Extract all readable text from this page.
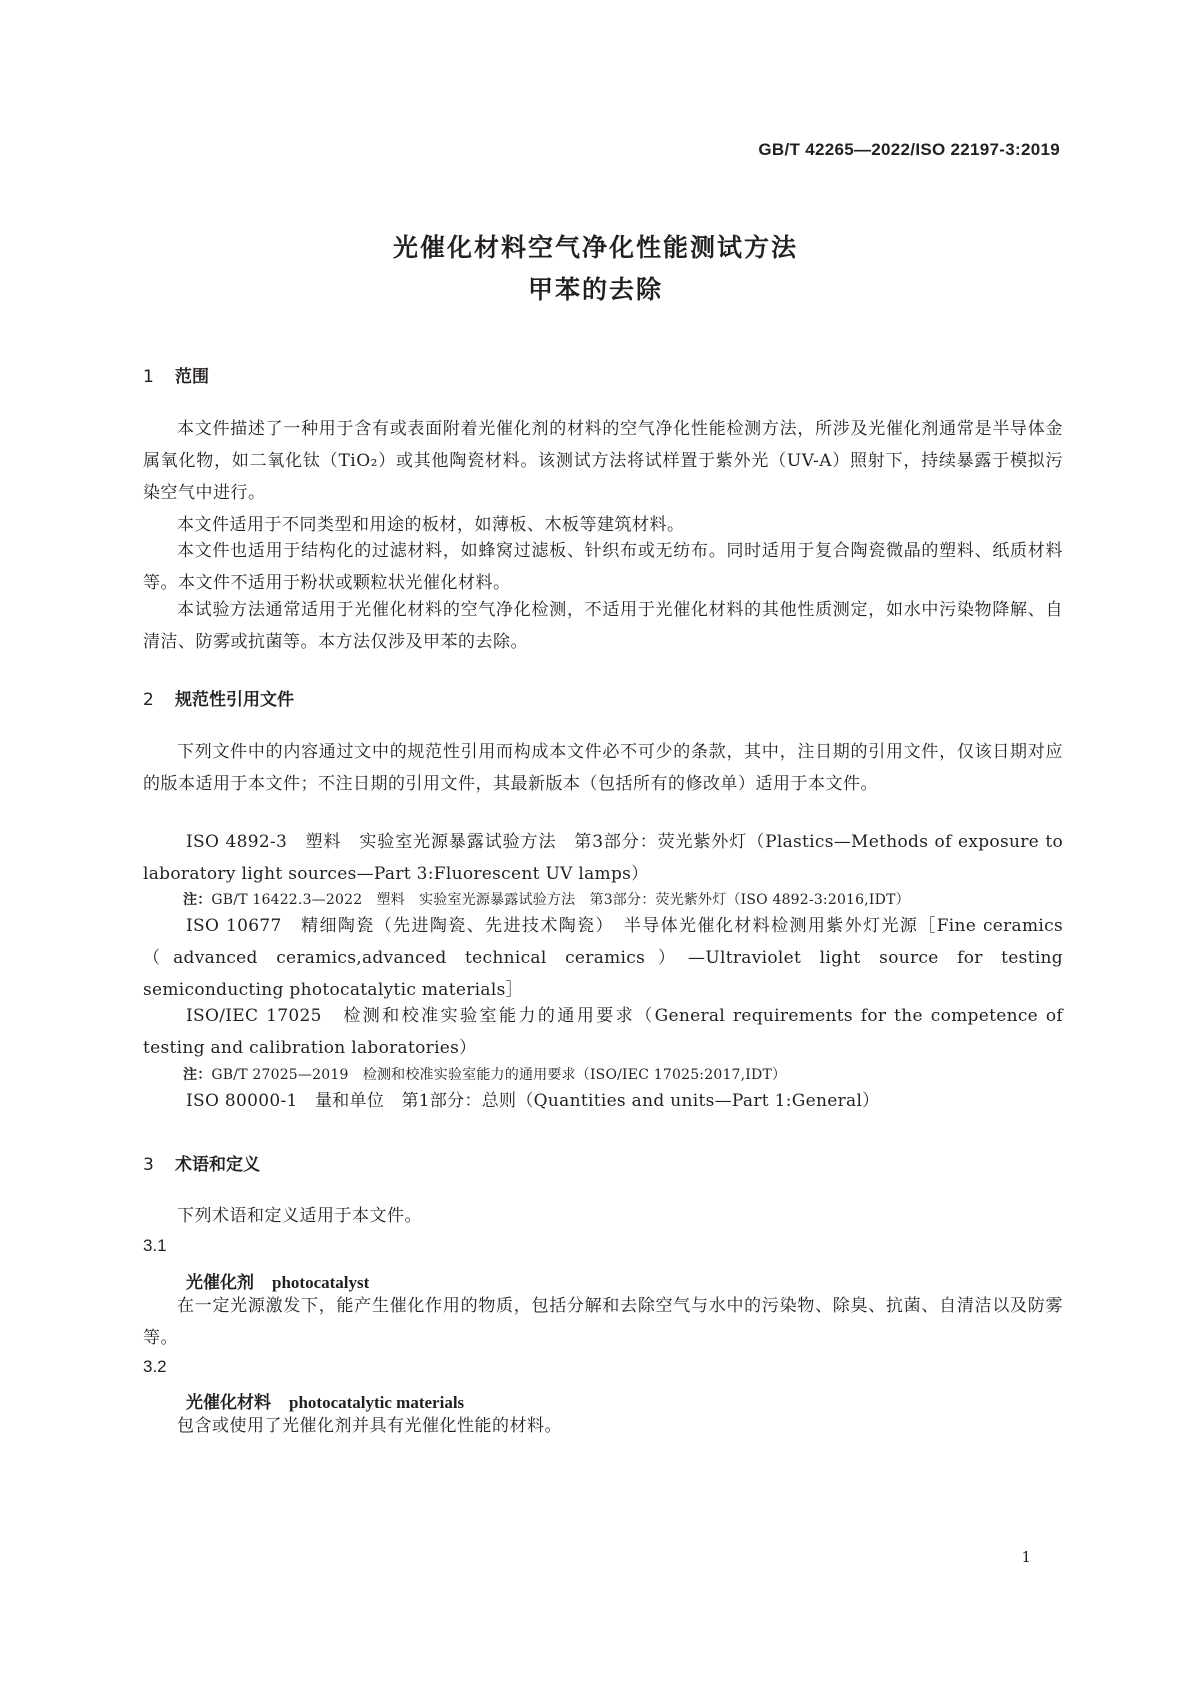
GB/T 42265—2022/ISO 22197-3:2019
光催化材料空气净化性能测试方法
甲苯的去除
1 范围
本文件描述了一种用于含有或表面附着光催化剂的材料的空气净化性能检测方法，所涉及光催化剂通常是半导体金属氧化物，如二氧化钛（TiO₂）或其他陶瓷材料。该测试方法将试样置于紫外光（UV-A）照射下，持续暴露于模拟污染空气中进行。
本文件适用于不同类型和用途的板材，如薄板、木板等建筑材料。
本文件也适用于结构化的过滤材料，如蜂窝过滤板、针织布或无纺布。同时适用于复合陶瓷微晶的塑料、纸质材料等。本文件不适用于粉状或颗粒状光催化材料。
本试验方法通常适用于光催化材料的空气净化检测，不适用于光催化材料的其他性质测定，如水中污染物降解、自清洁、防雾或抗菌等。本方法仅涉及甲苯的去除。
2 规范性引用文件
下列文件中的内容通过文中的规范性引用而构成本文件必不可少的条款，其中，注日期的引用文件，仅该日期对应的版本适用于本文件；不注日期的引用文件，其最新版本（包括所有的修改单）适用于本文件。
ISO 4892-3　塑料　实验室光源暴露试验方法　第3部分：荧光紫外灯（Plastics—Methods of exposure to laboratory light sources—Part 3:Fluorescent UV lamps）
注：GB/T 16422.3—2022　塑料　实验室光源暴露试验方法　第3部分：荧光紫外灯（ISO 4892-3:2016,IDT）
ISO 10677　精细陶瓷（先进陶瓷、先进技术陶瓷）　半导体光催化材料检测用紫外灯光源［Fine ceramics（advanced ceramics,advanced technical ceramics）—Ultraviolet light source for testing semiconducting photocatalytic materials］
ISO/IEC 17025　检测和校准实验室能力的通用要求（General requirements for the competence of testing and calibration laboratories）
注：GB/T 27025—2019　检测和校准实验室能力的通用要求（ISO/IEC 17025:2017,IDT）
ISO 80000-1　量和单位　第1部分：总则（Quantities and units—Part 1:General）
3 术语和定义
下列术语和定义适用于本文件。
3.1
光催化剂 photocatalyst
在一定光源激发下，能产生催化作用的物质，包括分解和去除空气与水中的污染物、除臭、抗菌、自清洁以及防雾等。
3.2
光催化材料 photocatalytic materials
包含或使用了光催化剂并具有光催化性能的材料。
1
